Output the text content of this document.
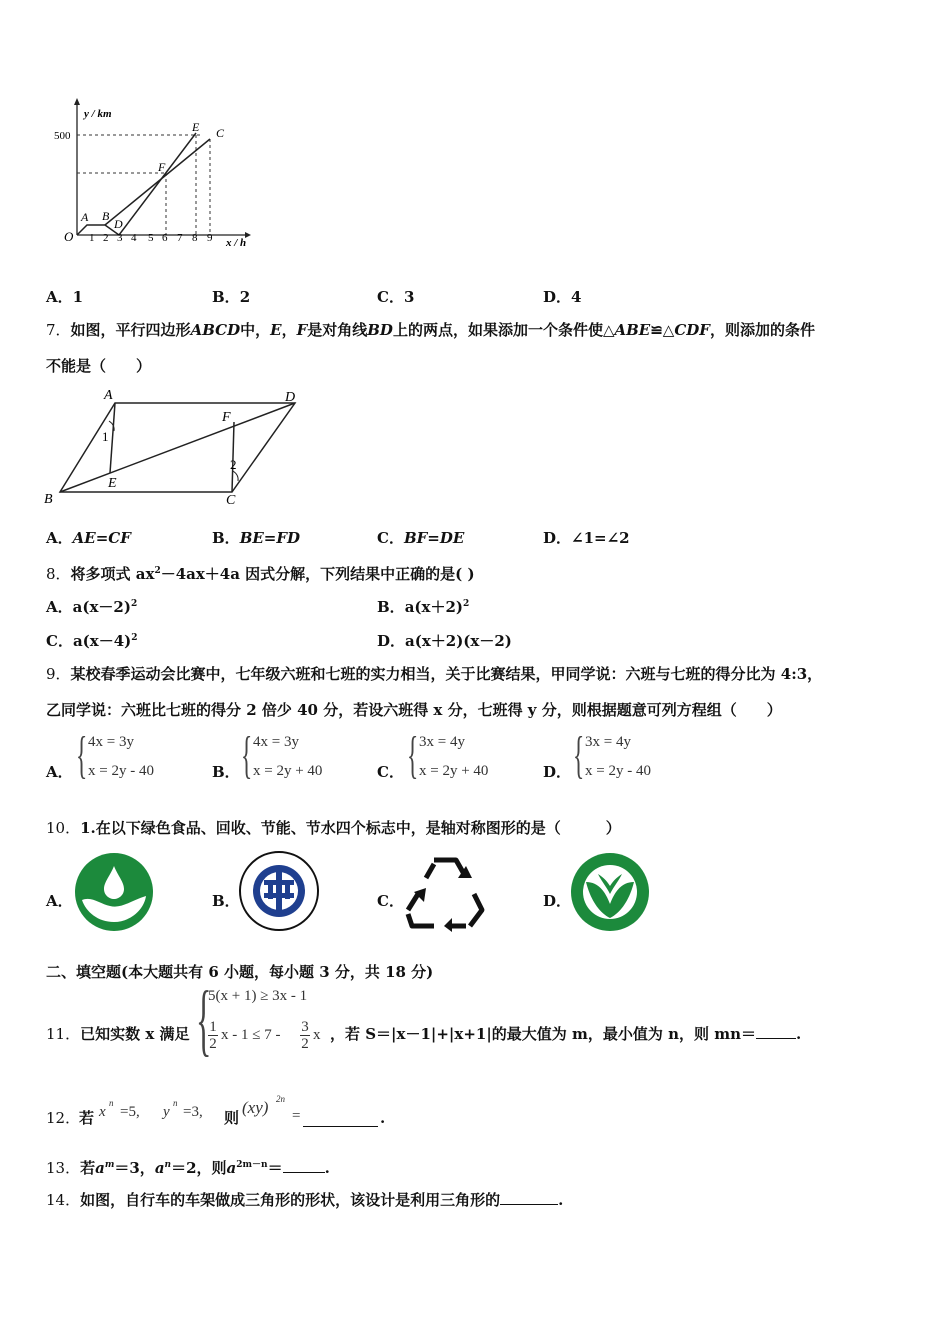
y / km
x / h
500
O 1 2 3 4 5 6 7 8 9
A B
D
E
F
C
A．1	B．2	C．3	D．4
7．如图，平行四边形ABCD中，E，F是对角线BD上的两点，如果添加一个条件使△ABE≌△CDF，则添加的条件
不能是（　　）
A
B	C
D
E
F
1
2
A．AE=CF	B．BE=FD	C．BF=DE	D．∠1=∠2
8．将多项式 $ax^2-4ax+4a$ 因式分解，下列结果中正确的是( )
A．$a(x-2)^2$	B．$a(x+2)^2$
C．$a(x-4)^2$	D．a(x＋2)(x－2)
9．某校春季运动会比赛中，七年级六班和七班的实力相当，关于比赛结果，甲同学说：六班与七班的得分比为 4:3，
乙同学说：六班比七班的得分 2 倍少 40 分，若设六班得 x 分，七班得 y 分，则根据题意可列方程组（　　）
A． { 4x = 3y
x = 2y - 40	B． { 4x = 3y
x = 2y + 40	C． { 3x = 4y
x = 2y + 40	D． { 3x = 4y
x = 2y - 40
10．1.在以下绿色食品、回收、节能、节水四个标志中，是轴对称图形的是（　　　）
A．	B．	C．	D．
二、填空题(本大题共有 6 小题，每小题 3 分，共 18 分)
11．已知实数 x 满足 {
5(x + 1) ≥ 3x - 1
$\frac{1}{2}$ $x - 1 \le 7 - \frac{3}{2}$ x ，若 S＝|x－1|+|x+1|的最大值为 m，最小值为 n，则 mn＝	.
12．
若 x
n
=5, y
n
=3, 则
(xy) 2n
=	.
13．若$a^m=3$，$a^n=2$，则$a^{2m-n}=$	.
14．如图，自行车的车架做成三角形的形状，该设计是利用三角形的	.
